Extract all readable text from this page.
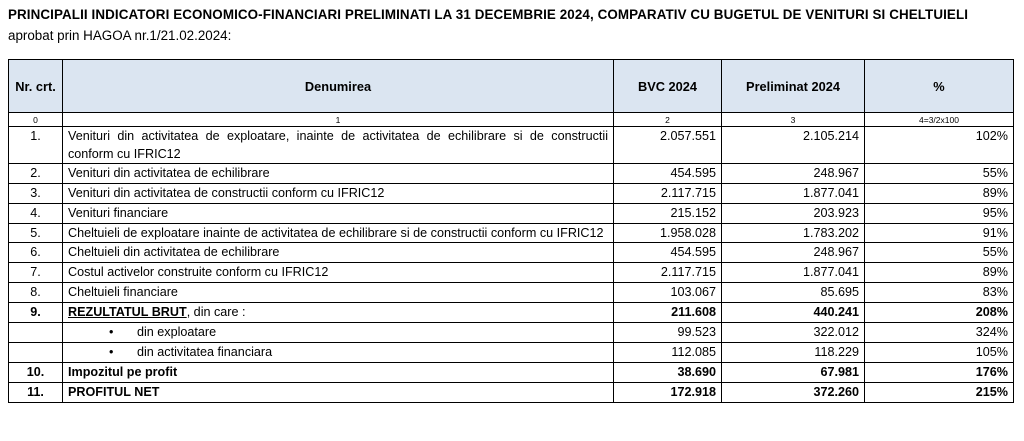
PRINCIPALII INDICATORI ECONOMICO-FINANCIARI PRELIMINATI LA 31 DECEMBRIE 2024, COMPARATIV CU BUGETUL DE VENITURI SI CHELTUIELI
aprobat prin HAGOA nr.1/21.02.2024:
Nr. crt.	Denumirea	BVC 2024	Preliminat 2024	%
0	1	2	3	4=3/2x100
1.	Venituri din activitatea de exploatare, inainte de activitatea de echilibrare si de constructii conform cu IFRIC12	2.057.551	2.105.214	102%
2.	Venituri din activitatea de echilibrare	454.595	248.967	55%
3.	Venituri din activitatea de constructii conform cu IFRIC12	2.117.715	1.877.041	89%
4.	Venituri financiare	215.152	203.923	95%
5.	Cheltuieli de exploatare inainte de activitatea de echilibrare si de constructii conform cu IFRIC12	1.958.028	1.783.202	91%
6.	Cheltuieli din activitatea de echilibrare	454.595	248.967	55%
7.	Costul activelor construite conform cu IFRIC12	2.117.715	1.877.041	89%
8.	Cheltuieli financiare	103.067	85.695	83%
9.	REZULTATUL BRUT, din care :	211.608	440.241	208%
	• din exploatare	99.523	322.012	324%
	• din activitatea financiara	112.085	118.229	105%
10.	Impozitul pe profit	38.690	67.981	176%
11.	PROFITUL NET	172.918	372.260	215%
